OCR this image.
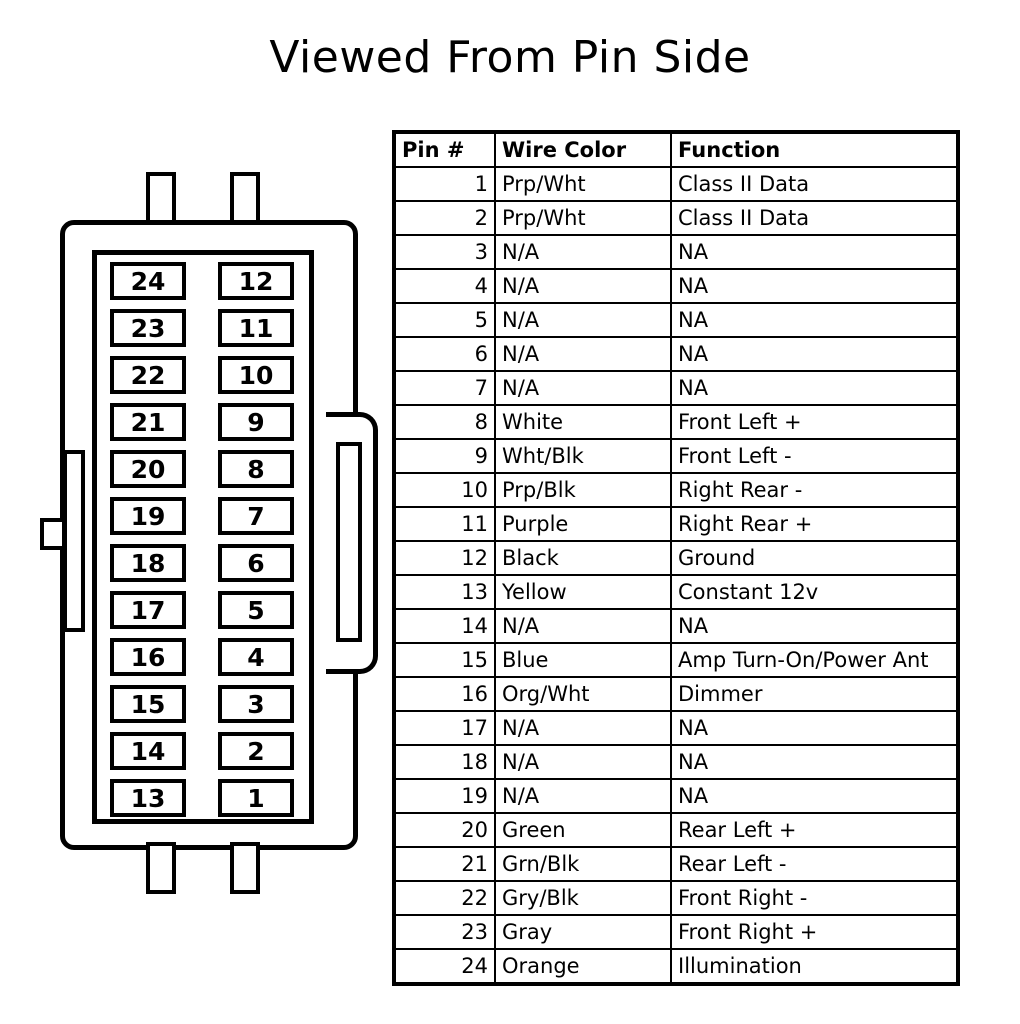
Viewed From Pin Side
24
23
22
21
20
19
18
17
16
15
14
13
12
11
10
9
8
7
6
5
4
3
2
1
Pin #	Wire Color	Function
1	Prp/Wht	Class II Data
2	Prp/Wht	Class II Data
3	N/A	NA
4	N/A	NA
5	N/A	NA
6	N/A	NA
7	N/A	NA
8	White	Front Left +
9	Wht/Blk	Front Left -
10	Prp/Blk	Right Rear -
11	Purple	Right Rear +
12	Black	Ground
13	Yellow	Constant 12v
14	N/A	NA
15	Blue	Amp Turn-On/Power Ant
16	Org/Wht	Dimmer
17	N/A	NA
18	N/A	NA
19	N/A	NA
20	Green	Rear Left +
21	Grn/Blk	Rear Left -
22	Gry/Blk	Front Right -
23	Gray	Front Right +
24	Orange	Illumination
